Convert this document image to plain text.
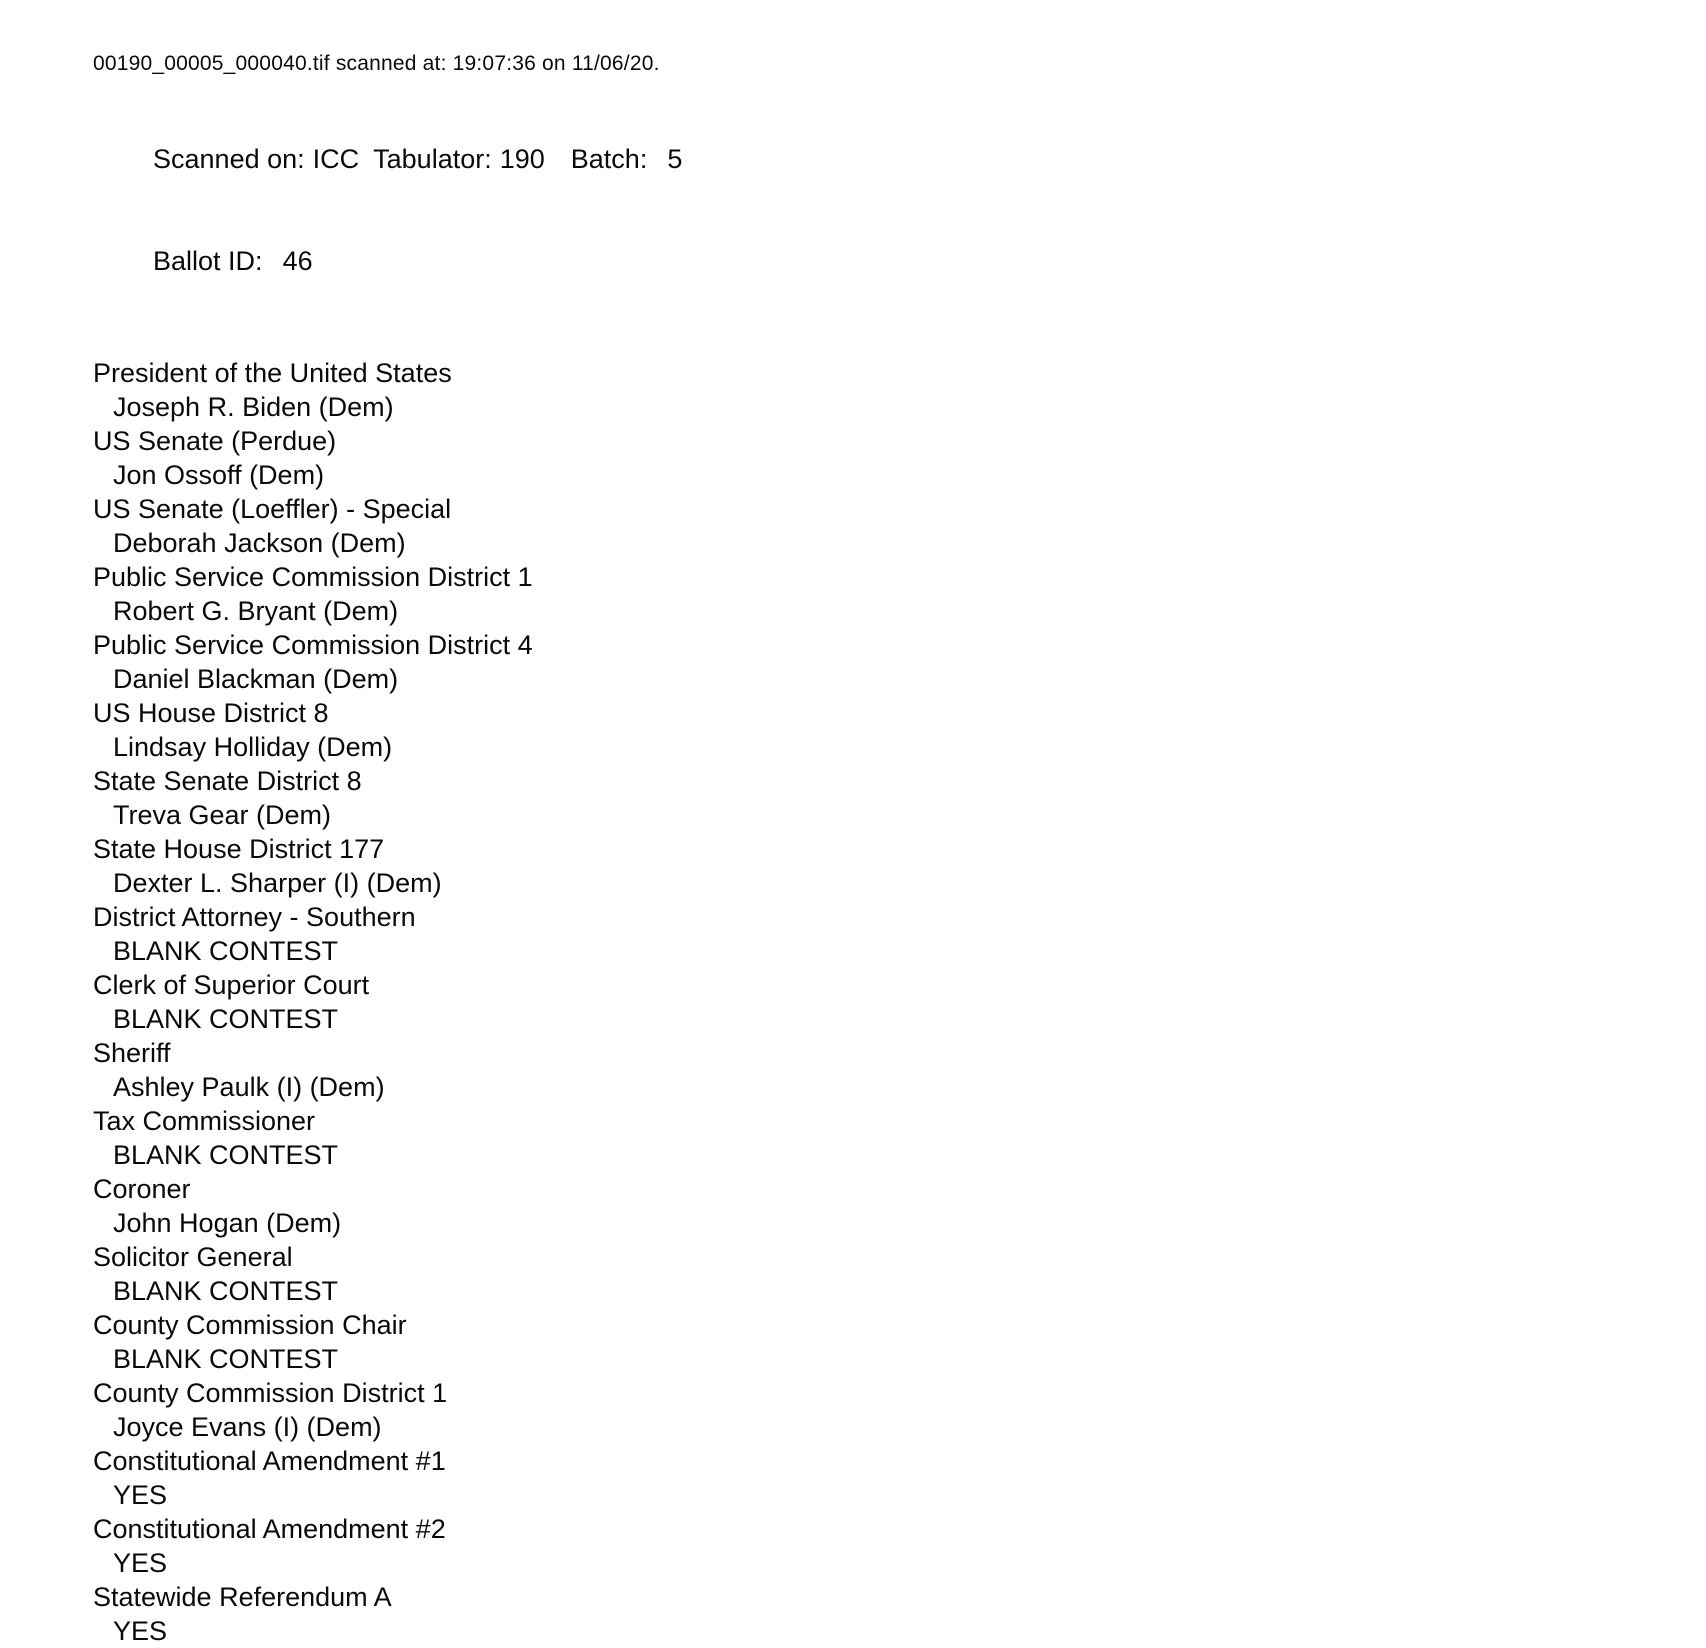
00190_00005_000040.tif scanned at: 19:07:36 on 11/06/20.

Scanned on: ICC Tabulator: 190 Batch: 5

Ballot ID: 46

President of the United States
Joseph R. Biden (Dem)
US Senate (Perdue)
Jon Ossoff (Dem)
US Senate (Loeffler) - Special
Deborah Jackson (Dem)
Public Service Commission District 1
Robert G. Bryant (Dem)
Public Service Commission District 4
Daniel Blackman (Dem)
US House District 8
Lindsay Holliday (Dem)
State Senate District 8
Treva Gear (Dem)
State House District 177
Dexter L. Sharper (I) (Dem)
District Attorney - Southern
BLANK CONTEST
Clerk of Superior Court
BLANK CONTEST
Sheriff
Ashley Paulk (I) (Dem)
Tax Commissioner
BLANK CONTEST
Coroner
John Hogan (Dem)
Solicitor General
BLANK CONTEST
County Commission Chair
BLANK CONTEST
County Commission District 1
Joyce Evans (I) (Dem)
Constitutional Amendment #1
YES
Constitutional Amendment #2
YES
Statewide Referendum A
YES
